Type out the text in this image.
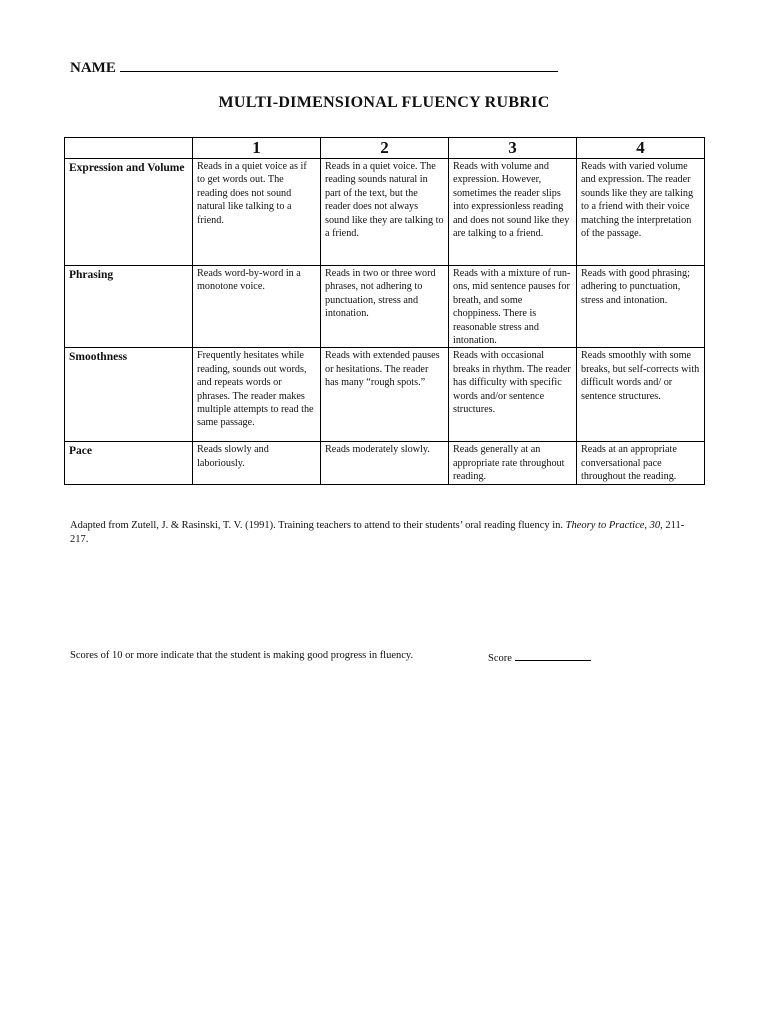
NAME
MULTI-DIMENSIONAL FLUENCY RUBRIC
	1	2	3	4
Expression and Volume	Reads in a quiet voice as if to get words out. The reading does not sound natural like talking to a friend.	Reads in a quiet voice. The reading sounds natural in part of the text, but the reader does not always sound like they are talking to a friend.	Reads with volume and expression. However, sometimes the reader slips into expressionless reading and does not sound like they are talking to a friend.	Reads with varied volume and expression. The reader sounds like they are talking to a friend with their voice matching the interpretation of the passage.
Phrasing	Reads word-by-word in a monotone voice.	Reads in two or three word phrases, not adhering to punctuation, stress and intonation.	Reads with a mixture of run-ons, mid sentence pauses for breath, and some choppiness. There is reasonable stress and intonation.	Reads with good phrasing; adhering to punctuation, stress and intonation.
Smoothness	Frequently hesitates while reading, sounds out words, and repeats words or phrases. The reader makes multiple attempts to read the same passage.	Reads with extended pauses or hesitations. The reader has many “rough spots.”	Reads with occasional breaks in rhythm. The reader has difficulty with specific words and/or sentence structures.	Reads smoothly with some breaks, but self-corrects with difficult words and/ or sentence structures.
Pace	Reads slowly and laboriously.	Reads moderately slowly.	Reads generally at an appropriate rate throughout reading.	Reads at an appropriate conversational pace throughout the reading.
Adapted from Zutell, J. & Rasinski, T. V. (1991). Training teachers to attend to their students’ oral reading fluency in. Theory to Practice, 30, 211-217.
Scores of 10 or more indicate that the student is making good progress in fluency.	Score
